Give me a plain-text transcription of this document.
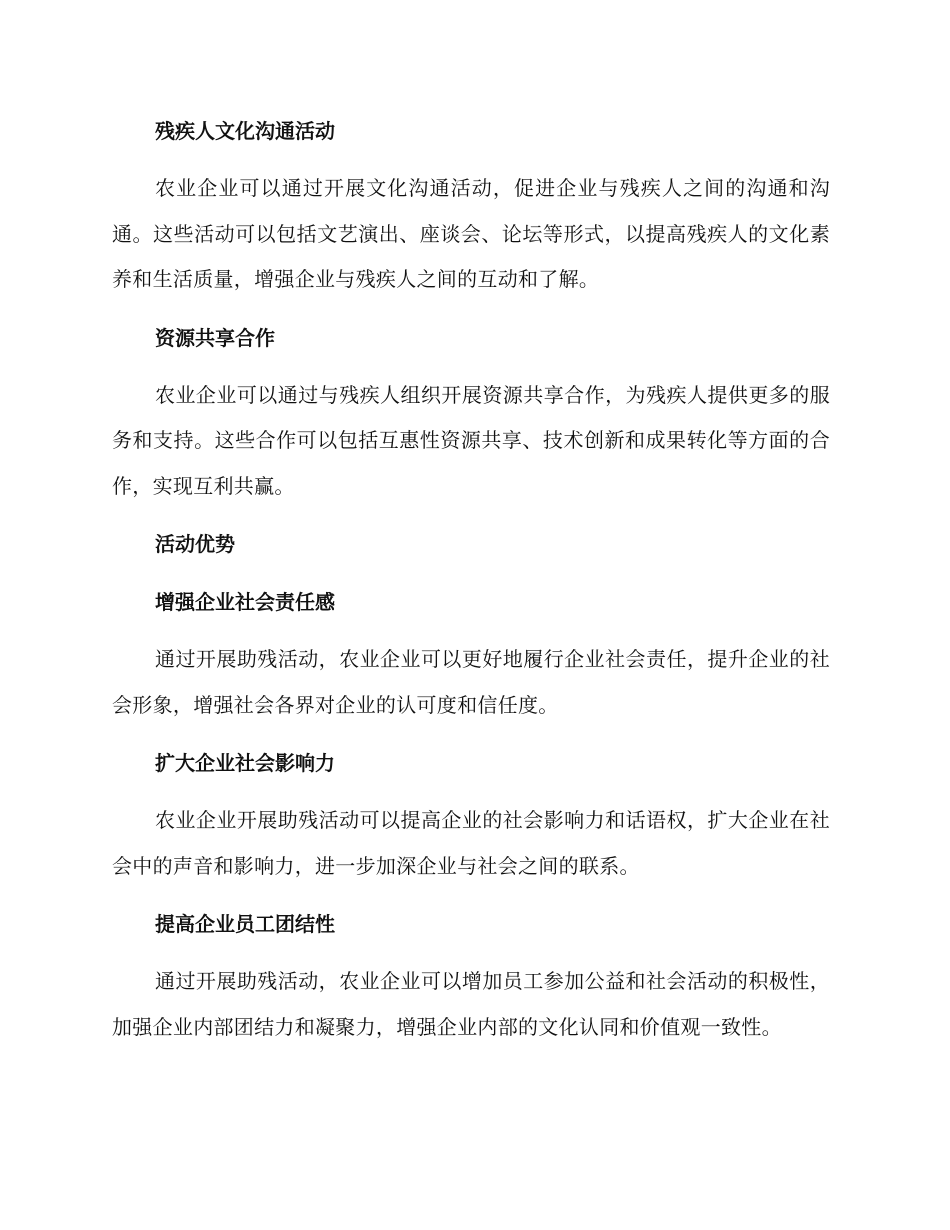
残疾人文化沟通活动

农业企业可以通过开展文化沟通活动，促进企业与残疾人之间的沟通和沟通。这些活动可以包括文艺演出、座谈会、论坛等形式，以提高残疾人的文化素养和生活质量，增强企业与残疾人之间的互动和了解。

资源共享合作

农业企业可以通过与残疾人组织开展资源共享合作，为残疾人提供更多的服务和支持。这些合作可以包括互惠性资源共享、技术创新和成果转化等方面的合作，实现互利共赢。

活动优势
增强企业社会责任感

通过开展助残活动，农业企业可以更好地履行企业社会责任，提升企业的社会形象，增强社会各界对企业的认可度和信任度。

扩大企业社会影响力

农业企业开展助残活动可以提高企业的社会影响力和话语权，扩大企业在社会中的声音和影响力，进一步加深企业与社会之间的联系。

提高企业员工团结性

通过开展助残活动，农业企业可以增加员工参加公益和社会活动的积极性，加强企业内部团结力和凝聚力，增强企业内部的文化认同和价值观一致性。
